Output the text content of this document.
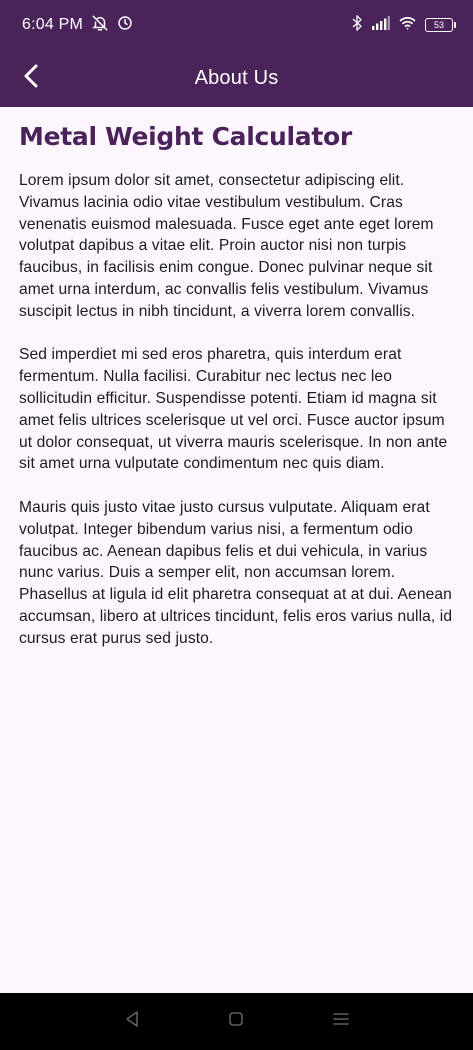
6:04 PM	53
About Us
Metal Weight Calculator

Lorem ipsum dolor sit amet, consectetur adipiscing elit. Vivamus lacinia odio vitae vestibulum vestibulum. Cras venenatis euismod malesuada. Fusce eget ante eget lorem volutpat dapibus a vitae elit. Proin auctor nisi non turpis faucibus, in facilisis enim congue. Donec pulvinar neque sit amet urna interdum, ac convallis felis vestibulum. Vivamus suscipit lectus in nibh tincidunt, a viverra lorem convallis.

Sed imperdiet mi sed eros pharetra, quis interdum erat fermentum. Nulla facilisi. Curabitur nec lectus nec leo sollicitudin efficitur. Suspendisse potenti. Etiam id magna sit amet felis ultrices scelerisque ut vel orci. Fusce auctor ipsum ut dolor consequat, ut viverra mauris scelerisque. In non ante sit amet urna vulputate condimentum nec quis diam.

Mauris quis justo vitae justo cursus vulputate. Aliquam erat volutpat. Integer bibendum varius nisi, a fermentum odio faucibus ac. Aenean dapibus felis et dui vehicula, in varius nunc varius. Duis a semper elit, non accumsan lorem. Phasellus at ligula id elit pharetra consequat at at dui. Aenean accumsan, libero at ultrices tincidunt, felis eros varius nulla, id cursus erat purus sed justo.
